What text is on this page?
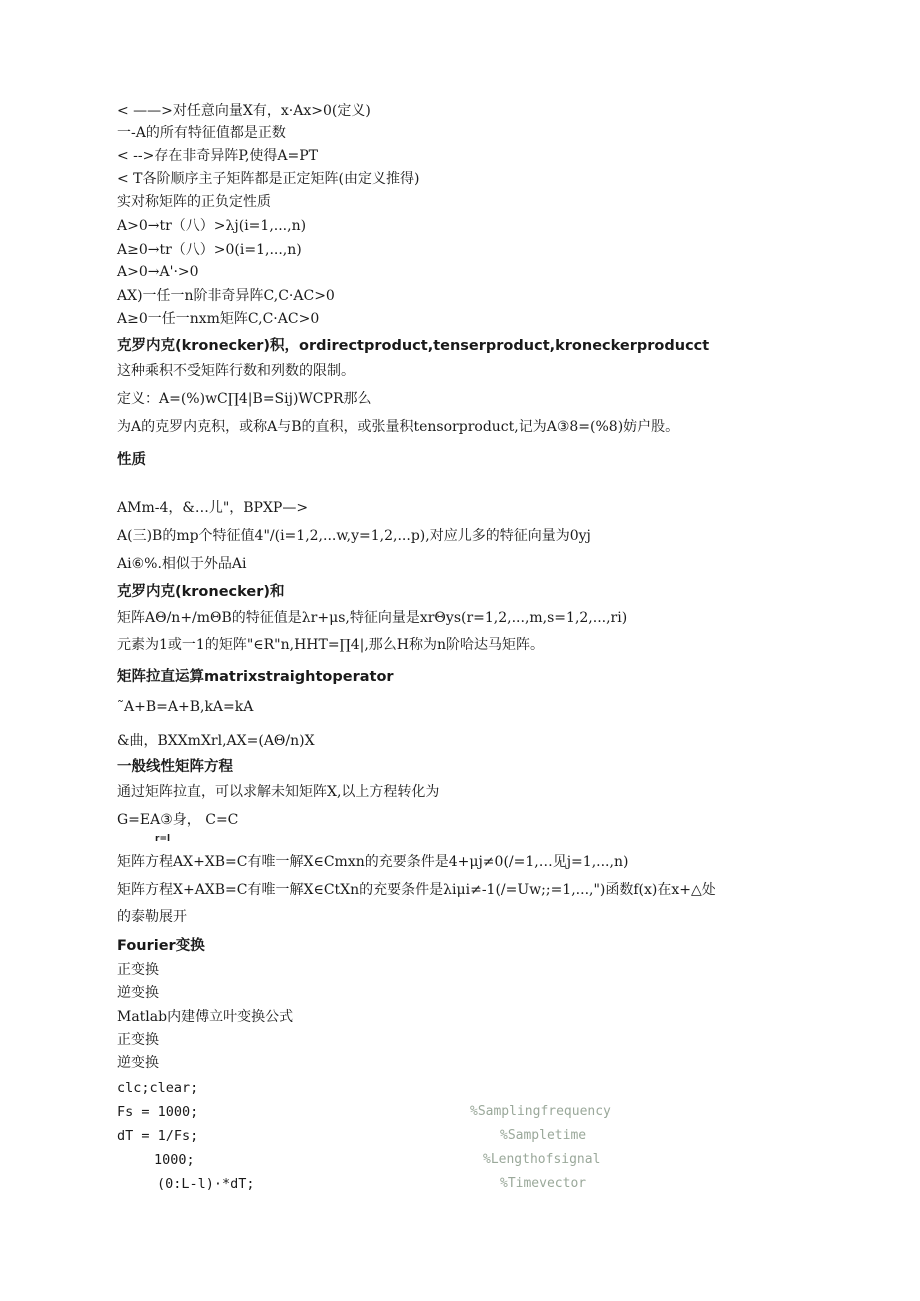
< ——>对任意向量X有，x·Ax>0(定义)
一-A的所有特征值都是正数
< -->存在非奇异阵P,使得A=PT
< T各阶顺序主子矩阵都是正定矩阵(由定义推得)
实对称矩阵的正负定性质
A>0→tr（八）>λj(i=1,...,n)
A≥0→tr（八）>0(i=1,...,n)
A>0→A'·>0
AX)一任一n阶非奇异阵C,C·AC>0
A≥0一任一nxm矩阵C,C·AC>0
克罗内克(kronecker)积，ordirectproduct,tenserproduct,kroneckerproducct
这种乘积不受矩阵行数和列数的限制。
定义：A=(%)wC∏4|B=Sij)WCPR那么
为A的克罗内克积，或称A与B的直积，或张量积tensorproduct,记为A③8=(%8)妨户股。
性质
AMm-4，&…儿"，BPXP—>
A(三)B的mp个特征值4"/(i=1,2,...w,y=1,2,...p),对应儿多的特征向量为0yj
Ai⑥%.相似于外品Ai
克罗内克(kronecker)和
矩阵AΘ/n+/mΘB的特征值是λr+μs,特征向量是xrΘys(r=1,2,...,m,s=1,2,...,ri)
元素为1或一1的矩阵"∈R"n,HHT=∏4|,那么H称为n阶哈达马矩阵。
矩阵拉直运算matrixstraightoperator
˜A+B=A+B,kA=kA
&曲，BXXmXrl,AX=(AΘ/n)X
一般线性矩阵方程
通过矩阵拉直，可以求解未知矩阵X,以上方程转化为
G=EA③身， C=C
r=l
矩阵方程AX+XB=C有唯一解X∈Cmxn的充要条件是4+μj≠0(/=1,…见j=1,...,n)
矩阵方程X+AXB=C有唯一解X∈CtXn的充要条件是λiμi≠-1(/=Uw;;=1,...,")函数f(x)在x+△处
的泰勒展开
Fourier变换
正变换
逆变换
Matlab内建傅立叶变换公式
正变换
逆变换
clc;clear;
Fs = 1000;
dT = 1/Fs;
1000;
(0:L-l)·*dT;
%Samplingfrequency
%Sampletime
%Lengthofsignal
%Timevector
